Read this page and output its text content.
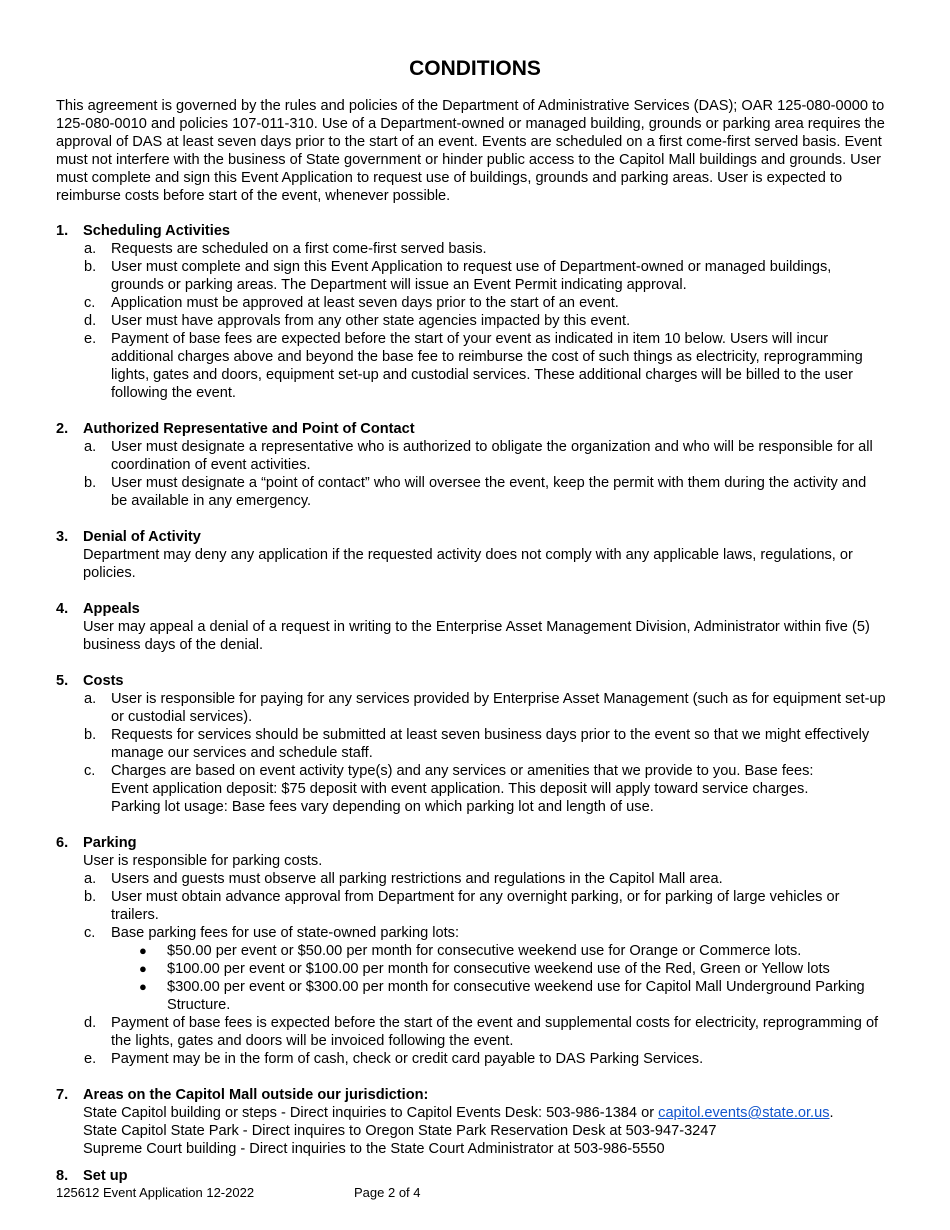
CONDITIONS

This agreement is governed by the rules and policies of the Department of Administrative Services (DAS); OAR 125-080-0000 to 125-080-0010 and policies 107-011-310. Use of a Department-owned or managed building, grounds or parking area requires the approval of DAS at least seven days prior to the start of an event. Events are scheduled on a first come-first served basis. Event must not interfere with the business of State government or hinder public access to the Capitol Mall buildings and grounds. User must complete and sign this Event Application to request use of buildings, grounds and parking areas. User is expected to reimburse costs before start of the event, whenever possible.

1.	Scheduling Activities
a. Requests are scheduled on a first come-first served basis.
b. User must complete and sign this Event Application to request use of Department-owned or managed buildings, grounds or parking areas. The Department will issue an Event Permit indicating approval.
c. Application must be approved at least seven days prior to the start of an event.
d. User must have approvals from any other state agencies impacted by this event.
e. Payment of base fees are expected before the start of your event as indicated in item 10 below. Users will incur additional charges above and beyond the base fee to reimburse the cost of such things as electricity, reprogramming lights, gates and doors, equipment set-up and custodial services. These additional charges will be billed to the user following the event.
2.	Authorized Representative and Point of Contact
a. User must designate a representative who is authorized to obligate the organization and who will be responsible for all coordination of event activities.
b. User must designate a “point of contact” who will oversee the event, keep the permit with them during the activity and be available in any emergency.
3.	Denial of Activity
Department may deny any application if the requested activity does not comply with any applicable laws, regulations, or policies.
4.	Appeals
User may appeal a denial of a request in writing to the Enterprise Asset Management Division, Administrator within five (5) business days of the denial.
5.	Costs
a. User is responsible for paying for any services provided by Enterprise Asset Management (such as for equipment set-up or custodial services).
b. Requests for services should be submitted at least seven business days prior to the event so that we might effectively manage our services and schedule staff.
c. Charges are based on event activity type(s) and any services or amenities that we provide to you. Base fees:
Event application deposit: $75 deposit with event application. This deposit will apply toward service charges.
Parking lot usage: Base fees vary depending on which parking lot and length of use.
6.	Parking
User is responsible for parking costs.
a. Users and guests must observe all parking restrictions and regulations in the Capitol Mall area.
b. User must obtain advance approval from Department for any overnight parking, or for parking of large vehicles or trailers.
c. Base parking fees for use of state-owned parking lots:
● $50.00 per event or $50.00 per month for consecutive weekend use for Orange or Commerce lots.
● $100.00 per event or $100.00 per month for consecutive weekend use of the Red, Green or Yellow lots
● $300.00 per event or $300.00 per month for consecutive weekend use for Capitol Mall Underground Parking Structure.
d. Payment of base fees is expected before the start of the event and supplemental costs for electricity, reprogramming of the lights, gates and doors will be invoiced following the event.
e. Payment may be in the form of cash, check or credit card payable to DAS Parking Services.
7.	Areas on the Capitol Mall outside our jurisdiction:
State Capitol building or steps - Direct inquiries to Capitol Events Desk: 503-986-1384 or capitol.events@state.or.us.
State Capitol State Park - Direct inquires to Oregon State Park Reservation Desk at 503-947-3247
Supreme Court building - Direct inquiries to the State Court Administrator at 503-986-5550
8. Set up
125612 Event Application 12-2022	Page 2 of 4
